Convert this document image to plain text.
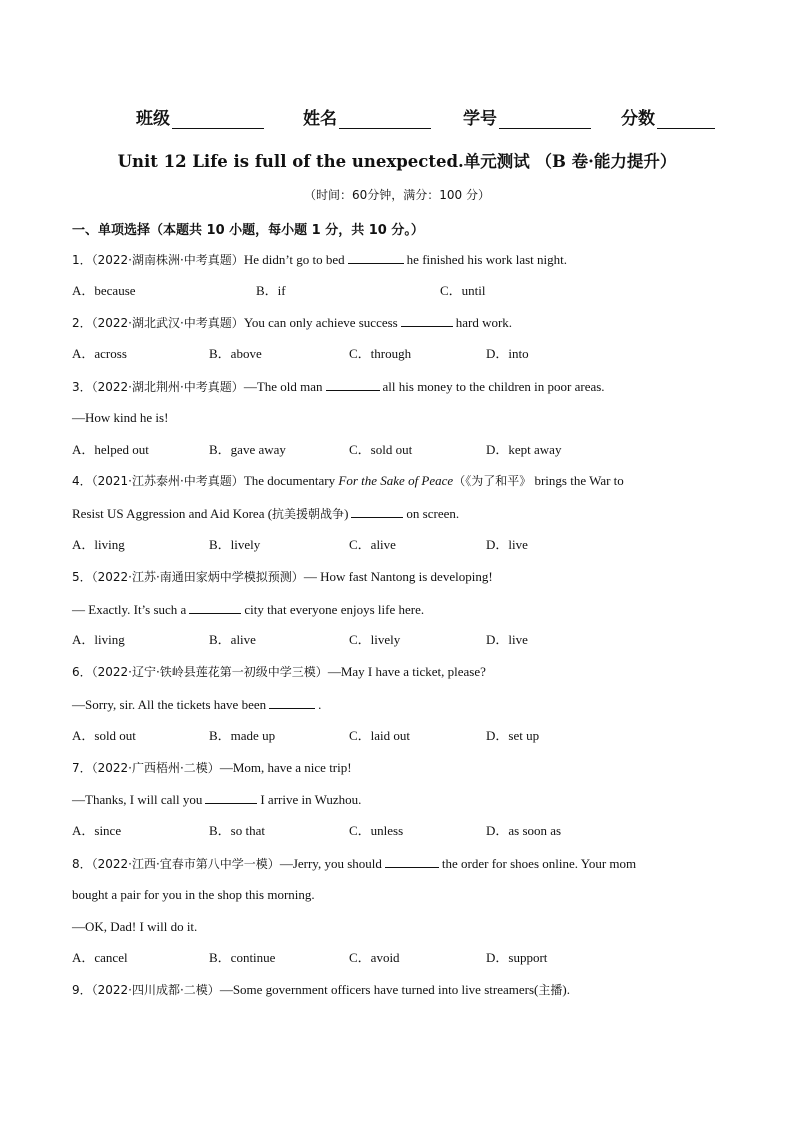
班级	姓名	学号	分数
Unit 12 Life is full of the unexpected.单元测试 （B 卷·能力提升）
（时间：60分钟，满分：100 分）
一、单项选择（本题共 10 小题，每小题 1 分，共 10 分。）
1．（2022·湖南株洲·中考真题）He didn’t go to bed	he finished his work last night.
A．because	B．if	C．until
2．（2022·湖北武汉·中考真题）You can only achieve success	hard work.
A．across	B．above	C．through	D．into
3．（2022·湖北荆州·中考真题）—The old man	all his money to the children in poor areas.
—How kind he is!
A．helped out	B．gave away	C．sold out	D．kept away
4．（2021·江苏泰州·中考真题）The documentary For the Sake of Peace（《为了和平》 brings the War to
Resist US Aggression and Aid Korea (抗美援朝战争)	on screen.
A．living	B．lively	C．alive	D．live
5．（2022·江苏·南通田家炳中学模拟预测）— How fast Nantong is developing!
— Exactly. It’s such a	city that everyone enjoys life here.
A．living	B．alive	C．lively	D．live
6．（2022·辽宁·铁岭县莲花第一初级中学三模）—May I have a ticket, please?
—Sorry, sir. All the tickets have been	.
A．sold out	B．made up	C．laid out	D．set up
7．（2022·广西梧州·二模）—Mom, have a nice trip!
—Thanks, I will call you	I arrive in Wuzhou.
A．since	B．so that	C．unless	D．as soon as
8．（2022·江西·宜春市第八中学一模）—Jerry, you should	the order for shoes online. Your mom
bought a pair for you in the shop this morning.
—OK, Dad! I will do it.
A．cancel	B．continue	C．avoid	D．support
9．（2022·四川成都·二模）—Some government officers have turned into live streamers(主播).
